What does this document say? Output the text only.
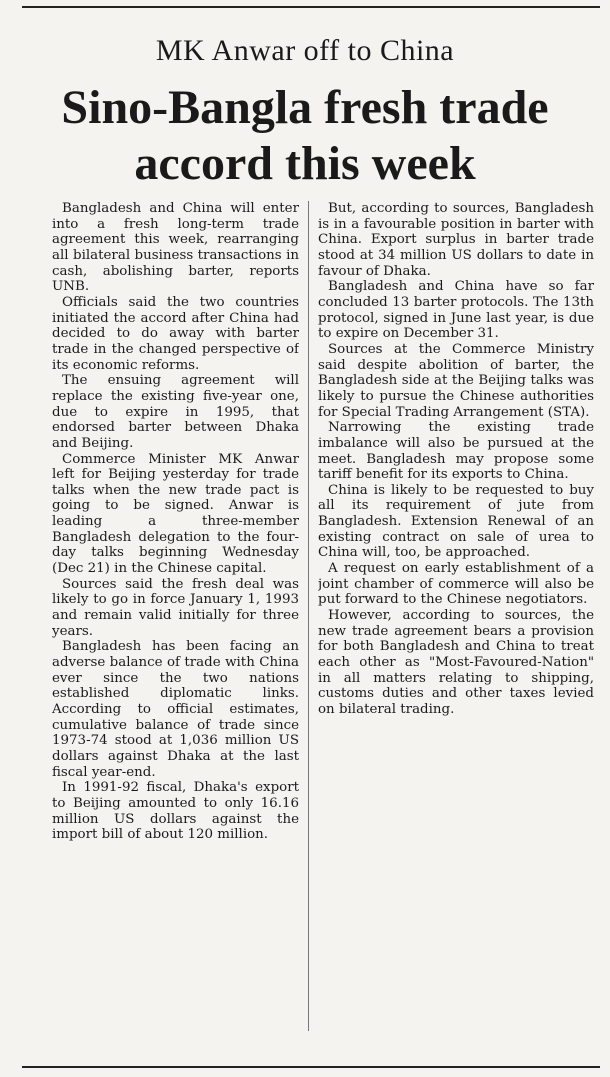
MK Anwar off to China
Sino-Bangla fresh trade
accord this week

Bangladesh and China will enter into a fresh long-term trade agreement this week, rearranging all bilateral business transactions in cash, abolishing barter, reports UNB.

Officials said the two countries initiated the accord after China had decided to do away with barter trade in the changed perspective of its economic reforms.

The ensuing agreement will replace the existing five-year one, due to expire in 1995, that endorsed barter between Dhaka and Beijing.

Commerce Minister MK Anwar left for Beijing yesterday for trade talks when the new trade pact is going to be signed. Anwar is leading a three-member Bangladesh delegation to the four-day talks beginning Wednesday (Dec 21) in the Chinese capital.

Sources said the fresh deal was likely to go in force January 1, 1993 and remain valid initially for three years.

Bangladesh has been facing an adverse balance of trade with China ever since the two nations established diplomatic links. According to official estimates, cumulative balance of trade since 1973-74 stood at 1,036 million US dollars against Dhaka at the last fiscal year-end.

In 1991-92 fiscal, Dhaka's export to Beijing amounted to only 16.16 million US dollars against the import bill of about 120 million.

But, according to sources, Bangladesh is in a favourable position in barter with China. Export surplus in barter trade stood at 34 million US dollars to date in favour of Dhaka.

Bangladesh and China have so far concluded 13 barter protocols. The 13th protocol, signed in June last year, is due to expire on December 31.

Sources at the Commerce Ministry said despite abolition of barter, the Bangladesh side at the Beijing talks was likely to pursue the Chinese authorities for Special Trading Arrangement (STA).

Narrowing the existing trade imbalance will also be pursued at the meet. Bangladesh may propose some tariff benefit for its exports to China.

China is likely to be requested to buy all its requirement of jute from Bangladesh. Extension Renewal of an existing contract on sale of urea to China will, too, be approached.

A request on early establishment of a joint chamber of commerce will also be put forward to the Chinese negotiators.

However, according to sources, the new trade agreement bears a provision for both Bangladesh and China to treat each other as "Most-Favoured-Nation" in all matters relating to shipping, customs duties and other taxes levied on bilateral trading.
